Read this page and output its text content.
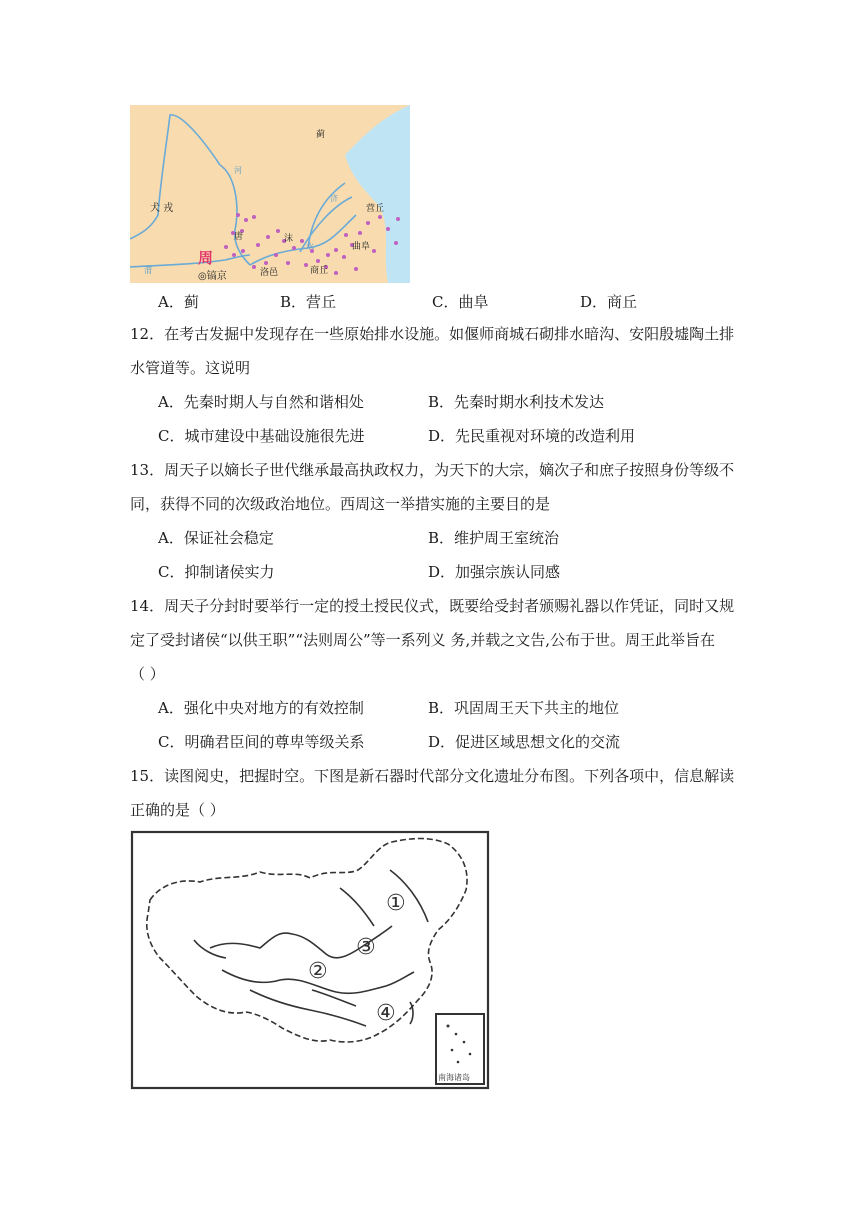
犬 戎
周
◎镐京
唐
洛邑
沫
商丘
曲阜
营丘
蓟
河
水
济
渭
A．蓟	B．营丘	C．曲阜	D．商丘
12．在考古发掘中发现存在一些原始排水设施。如偃师商城石砌排水暗沟、安阳殷墟陶土排
水管道等。这说明
A．先秦时期人与自然和谐相处	B．先秦时期水利技术发达
C．城市建设中基础设施很先进	D．先民重视对环境的改造利用
13．周天子以嫡长子世代继承最高执政权力，为天下的大宗，嫡次子和庶子按照身份等级不
同，获得不同的次级政治地位。西周这一举措实施的主要目的是
A．保证社会稳定	B．维护周王室统治
C．抑制诸侯实力	D．加强宗族认同感
14．周天子分封时要举行一定的授土授民仪式，既要给受封者颁赐礼器以作凭证，同时又规
定了受封诸侯“以供王职”“法则周公”等一系列义 务,并载之文告,公布于世。周王此举旨在
（ ）
A．强化中央对地方的有效控制	B．巩固周王天下共主的地位
C．明确君臣间的尊卑等级关系	D．促进区域思想文化的交流
15．读图阅史，把握时空。下图是新石器时代部分文化遗址分布图。下列各项中，信息解读
正确的是（ ）
南海诸岛
①
②
③
④
